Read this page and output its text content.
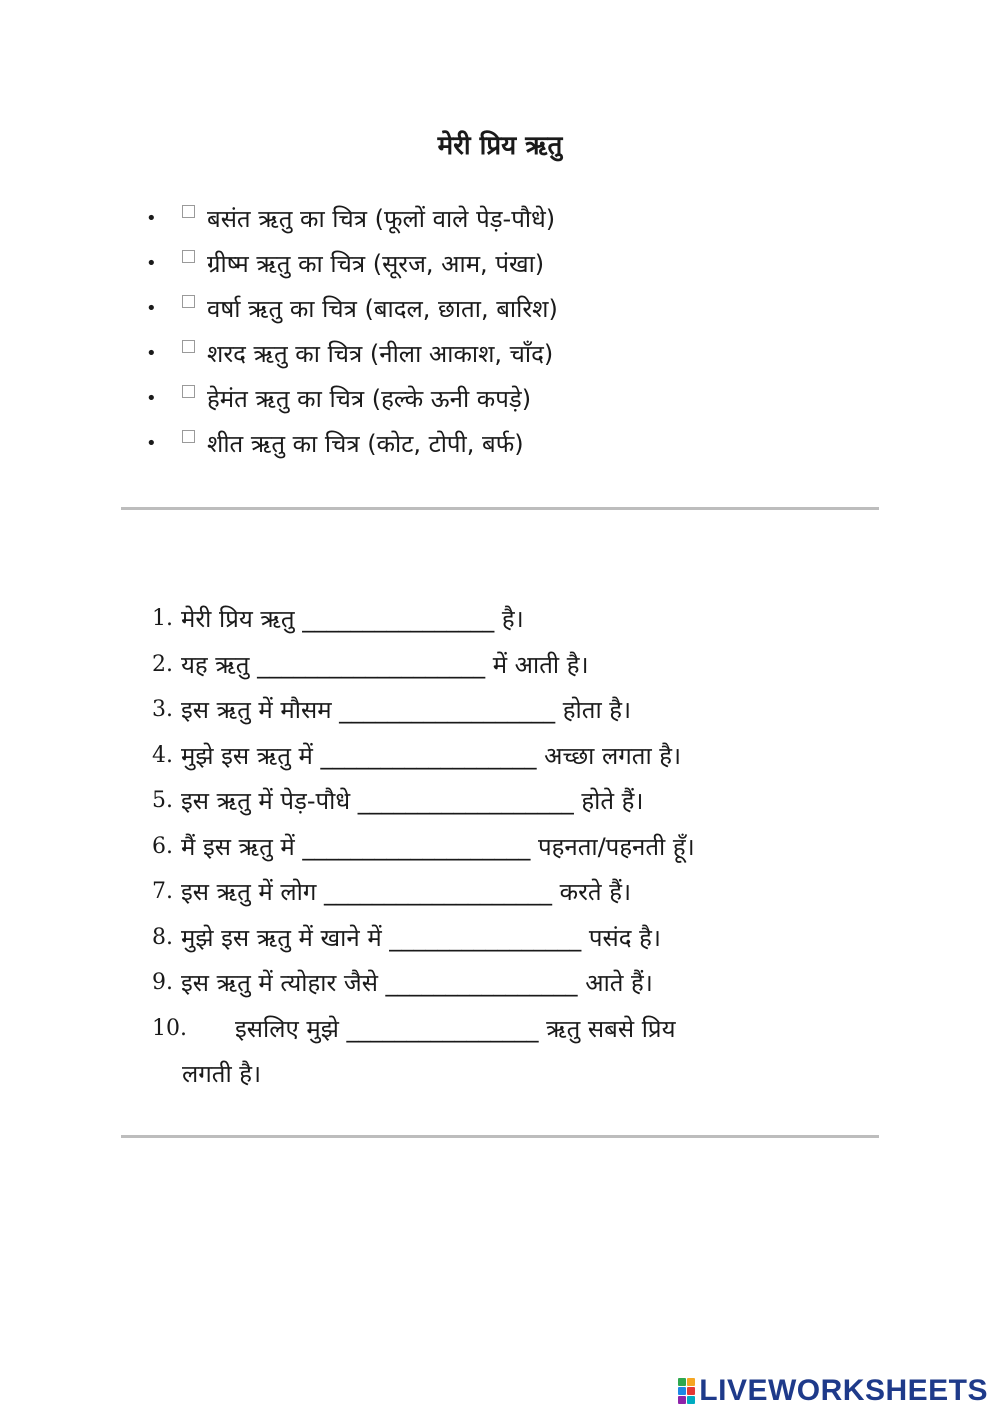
मेरी प्रिय ऋतु
•	बसंत ऋतु का चित्र (फूलों वाले पेड़-पौधे)
•	ग्रीष्म ऋतु का चित्र (सूरज, आम, पंखा)
•	वर्षा ऋतु का चित्र (बादल, छाता, बारिश)
•	शरद ऋतु का चित्र (नीला आकाश, चाँद)
•	हेमंत ऋतु का चित्र (हल्के ऊनी कपड़े)
•	शीत ऋतु का चित्र (कोट, टोपी, बर्फ)
1. मेरी प्रिय ऋतु ________________ है।
2. यह ऋतु ___________________ में आती है।
3. इस ऋतु में मौसम __________________ होता है।
4. मुझे इस ऋतु में __________________ अच्छा लगता है।
5. इस ऋतु में पेड़-पौधे __________________ होते हैं।
6. मैं इस ऋतु में ___________________ पहनता/पहनती हूँ।
7. इस ऋतु में लोग ___________________ करते हैं।
8. मुझे इस ऋतु में खाने में ________________ पसंद है।
9. इस ऋतु में त्योहार जैसे ________________ आते हैं।
10. इसलिए मुझे ________________ ऋतु सबसे प्रिय
लगती है।
LIVEWORKSHEETS
